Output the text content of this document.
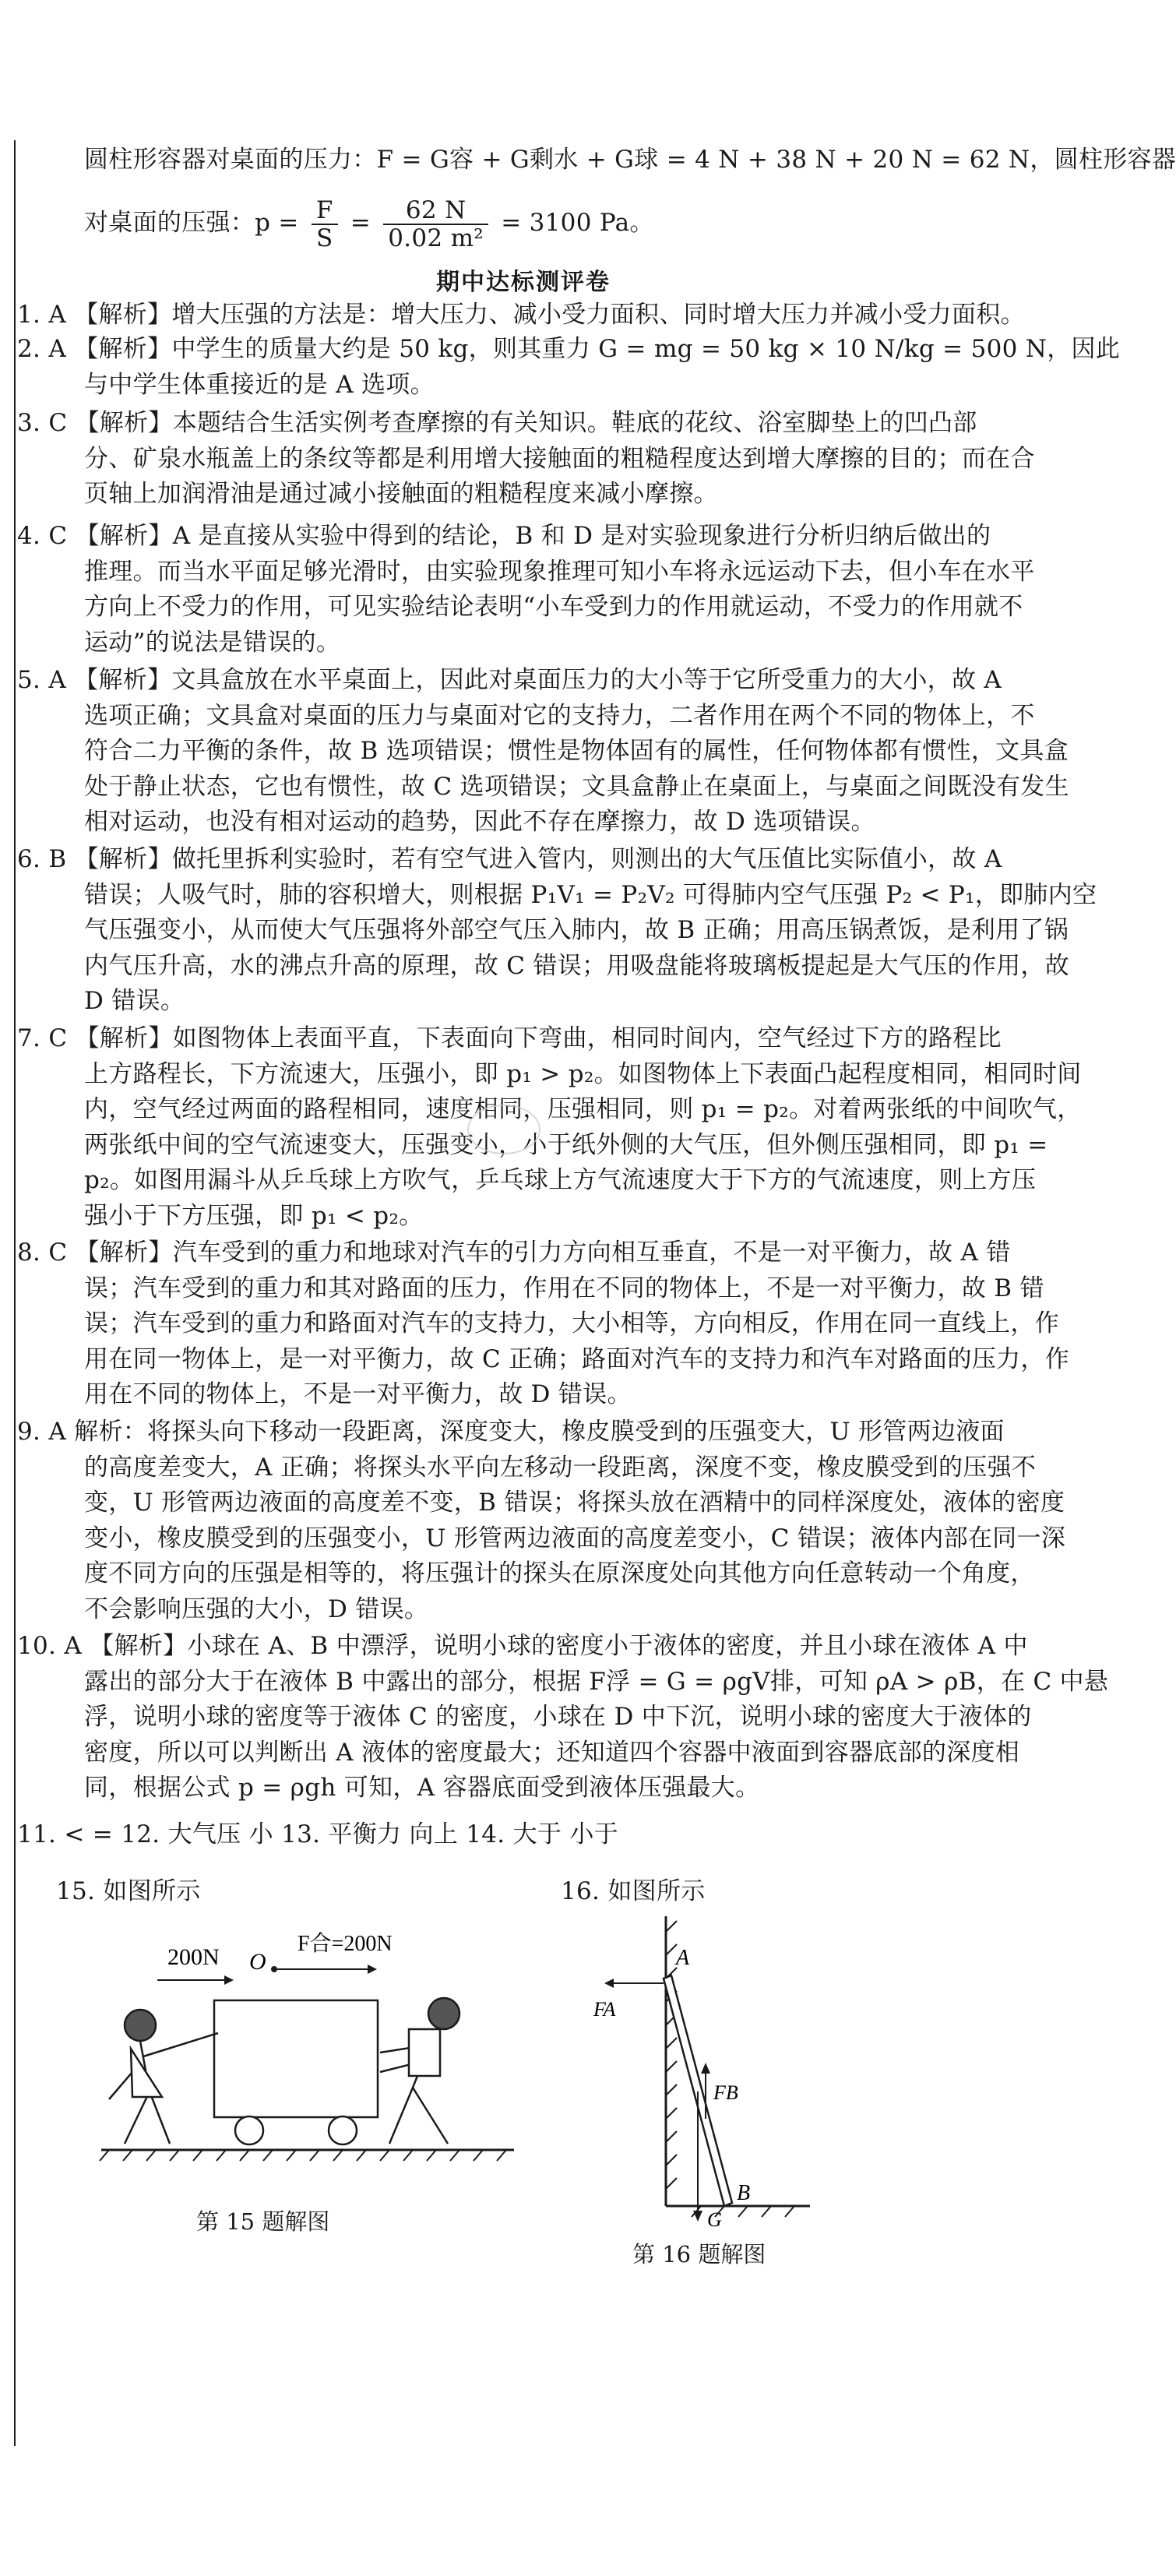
圆柱形容器对桌面的压力：F = G容 + G剩水 + G球 = 4 N + 38 N + 20 N = 62 N，圆柱形容器
对桌面的压强：$p = \frac{F}{S} = \frac{62 N}{\text{0.02 m²}} = 3100$ Pa。
期中达标测评卷
1. A 【解析】增大压强的方法是：增大压力、减小受力面积、同时增大压力并减小受力面积。
2. A 【解析】中学生的质量大约是 50 kg，则其重力 G = mg = 50 kg × 10 N/kg = 500 N，因此
与中学生体重接近的是 A 选项。
3. C 【解析】本题结合生活实例考查摩擦的有关知识。鞋底的花纹、浴室脚垫上的凹凸部
分、矿泉水瓶盖上的条纹等都是利用增大接触面的粗糙程度达到增大摩擦的目的；而在合
页轴上加润滑油是通过减小接触面的粗糙程度来减小摩擦。
4. C 【解析】A 是直接从实验中得到的结论，B 和 D 是对实验现象进行分析归纳后做出的
推理。而当水平面足够光滑时，由实验现象推理可知小车将永远运动下去，但小车在水平
方向上不受力的作用，可见实验结论表明“小车受到力的作用就运动，不受力的作用就不
运动”的说法是错误的。
5. A 【解析】文具盒放在水平桌面上，因此对桌面压力的大小等于它所受重力的大小，故 A
选项正确；文具盒对桌面的压力与桌面对它的支持力，二者作用在两个不同的物体上，不
符合二力平衡的条件，故 B 选项错误；惯性是物体固有的属性，任何物体都有惯性，文具盒
处于静止状态，它也有惯性，故 C 选项错误；文具盒静止在桌面上，与桌面之间既没有发生
相对运动，也没有相对运动的趋势，因此不存在摩擦力，故 D 选项错误。
6. B 【解析】做托里拆利实验时，若有空气进入管内，则测出的大气压值比实际值小，故 A
错误；人吸气时，肺的容积增大，则根据 P₁V₁ = P₂V₂ 可得肺内空气压强 P₂ < P₁，即肺内空
气压强变小，从而使大气压强将外部空气压入肺内，故 B 正确；用高压锅煮饭，是利用了锅
内气压升高，水的沸点升高的原理，故 C 错误；用吸盘能将玻璃板提起是大气压的作用，故
D 错误。
7. C 【解析】如图物体上表面平直，下表面向下弯曲，相同时间内，空气经过下方的路程比
上方路程长，下方流速大，压强小，即 p₁ > p₂。如图物体上下表面凸起程度相同，相同时间
内，空气经过两面的路程相同，速度相同，压强相同，则 p₁ = p₂。对着两张纸的中间吹气，
两张纸中间的空气流速变大，压强变小，小于纸外侧的大气压，但外侧压强相同，即 p₁ =
p₂。如图用漏斗从乒乓球上方吹气，乒乓球上方气流速度大于下方的气流速度，则上方压
强小于下方压强，即 p₁ < p₂。
8. C 【解析】汽车受到的重力和地球对汽车的引力方向相互垂直，不是一对平衡力，故 A 错
误；汽车受到的重力和其对路面的压力，作用在不同的物体上，不是一对平衡力，故 B 错
误；汽车受到的重力和路面对汽车的支持力，大小相等，方向相反，作用在同一直线上，作
用在同一物体上，是一对平衡力，故 C 正确；路面对汽车的支持力和汽车对路面的压力，作
用在不同的物体上，不是一对平衡力，故 D 错误。
9. A 解析：将探头向下移动一段距离，深度变大，橡皮膜受到的压强变大，U 形管两边液面
的高度差变大，A 正确；将探头水平向左移动一段距离，深度不变，橡皮膜受到的压强不
变，U 形管两边液面的高度差不变，B 错误；将探头放在酒精中的同样深度处，液体的密度
变小，橡皮膜受到的压强变小，U 形管两边液面的高度差变小，C 错误；液体内部在同一深
度不同方向的压强是相等的，将压强计的探头在原深度处向其他方向任意转动一个角度，
不会影响压强的大小，D 错误。
10. A 【解析】小球在 A、B 中漂浮，说明小球的密度小于液体的密度，并且小球在液体 A 中
露出的部分大于在液体 B 中露出的部分，根据 F浮 = G = ρgV排，可知 ρA > ρB，在 C 中悬
浮，说明小球的密度等于液体 C 的密度，小球在 D 中下沉，说明小球的密度大于液体的
密度，所以可以判断出 A 液体的密度最大；还知道四个容器中液面到容器底部的深度相
同，根据公式 p = ρgh 可知，A 容器底面受到液体压强最大。
11. < = 12. 大气压 小 13. 平衡力 向上 14. 大于 小于
15. 如图所示	16. 如图所示
200N O
F合=200N
第 15 题解图
A
FA
FB
G
B
第 16 题解图
